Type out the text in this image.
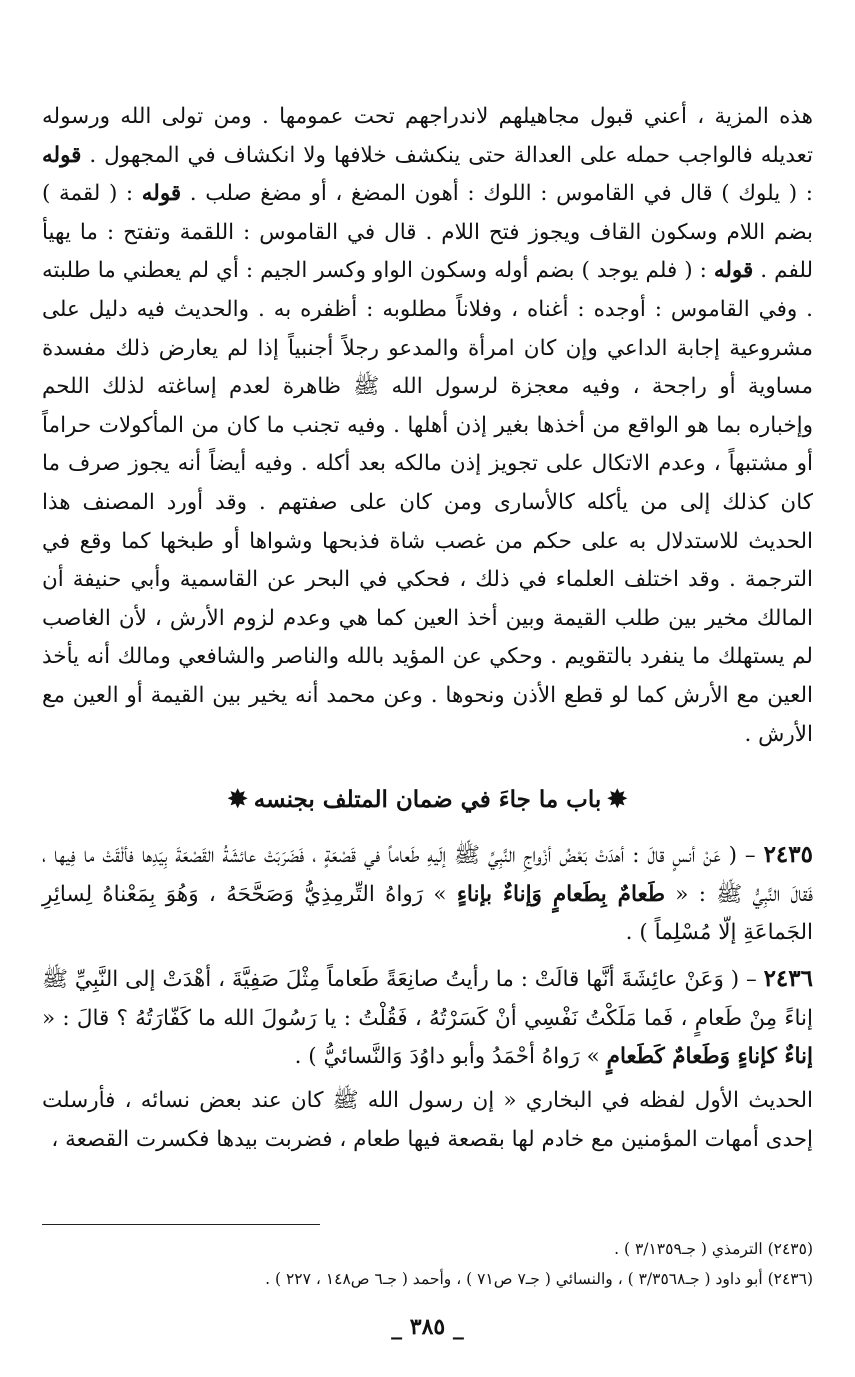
هذه المزية ، أعني قبول مجاهيلهم لاندراجهم تحت عمومها . ومن تولى الله ورسوله تعديله فالواجب حمله على العدالة حتى ينكشف خلافها ولا انكشاف في المجهول . قوله : ( يلوك ) قال في القاموس : اللوك : أهون المضغ ، أو مضغ صلب . قوله : ( لقمة ) بضم اللام وسكون القاف ويجوز فتح اللام . قال في القاموس : اللقمة وتفتح : ما يهيأ للفم . قوله : ( فلم يوجد ) بضم أوله وسكون الواو وكسر الجيم : أي لم يعطني ما طلبته . وفي القاموس : أوجده : أغناه ، وفلاناً مطلوبه : أظفره به . والحديث فيه دليل على مشروعية إجابة الداعي وإن كان امرأة والمدعو رجلاً أجنبياً إذا لم يعارض ذلك مفسدة مساوية أو راجحة ، وفيه معجزة لرسول الله ﷺ ظاهرة لعدم إساغته لذلك اللحم وإخباره بما هو الواقع من أخذها بغير إذن أهلها . وفيه تجنب ما كان من المأكولات حراماً أو مشتبهاً ، وعدم الاتكال على تجويز إذن مالكه بعد أكله . وفيه أيضاً أنه يجوز صرف ما كان كذلك إلى من يأكله كالأسارى ومن كان على صفتهم . وقد أورد المصنف هذا الحديث للاستدلال به على حكم من غصب شاة فذبحها وشواها أو طبخها كما وقع في الترجمة . وقد اختلف العلماء في ذلك ، فحكي في البحر عن القاسمية وأبي حنيفة أن المالك مخير بين طلب القيمة وبين أخذ العين كما هي وعدم لزوم الأرش ، لأن الغاصب لم يستهلك ما ينفرد بالتقويم . وحكي عن المؤيد بالله والناصر والشافعي ومالك أنه يأخذ العين مع الأرش كما لو قطع الأذن ونحوها . وعن محمد أنه يخير بين القيمة أو العين مع الأرش .
✸باب ما جاءَ في ضمان المتلف بجنسه✸
٢٤٣٥ – ( عَنْ أنسٍ قالَ : أهدَتْ بَعْضُ أزْواجِ النَّبِيِّ ﷺ إلَيهِ طَعاماً في قَصْعَةٍ ، فَضَرَبَتْ عائشَةُ القَصْعَةَ بِيَدِها فألْقَتْ ما فِيها ، فَقالَ النَّبِيُّ ﷺ : « طَعامٌ بِطَعامٍ وَإناءٌ بإناءٍ » رَواهُ التِّرمِذِيُّ وَصَحَّحَهُ ، وَهُوَ بِمَعْناهُ لِسائِرِ الجَماعَةِ إلّا مُسْلِماً ) .
٢٤٣٦ – ( وَعَنْ عائِشَةَ أنَّها قالَتْ : ما رأيتُ صانِعَةً طَعاماً مِثْلَ صَفِيَّةَ ، أهْدَتْ إلى النَّبِيِّ ﷺ إناءً مِنْ طَعامٍ ، فَما مَلَكْتُ نَفْسِي أنْ كَسَرْتُهُ ، فَقُلْتُ : يا رَسُولَ الله ما كَفّارَتُهُ ؟ قالَ : « إناءٌ كإناءٍ وَطَعامٌ كَطَعامٍ » رَواهُ أحْمَدُ وأبو داوُدَ وَالنَّسائيُّ ) .
الحديث الأول لفظه في البخاري « إن رسول الله ﷺ كان عند بعض نسائه ، فأرسلت إحدى أمهات المؤمنين مع خادم لها بقصعة فيها طعام ، فضربت بيدها فكسرت القصعة ،
(٢٤٣٥) الترمذي ( جـ٣/١٣٥٩ ) .
(٢٤٣٦) أبو داود ( جـ٣/٣٥٦٨ ) ، والنسائي ( جـ٧ ص٧١ ) ، وأحمد ( جـ٦ ص١٤٨ ، ٢٢٧ ) .
_ ٣٨٥ _
